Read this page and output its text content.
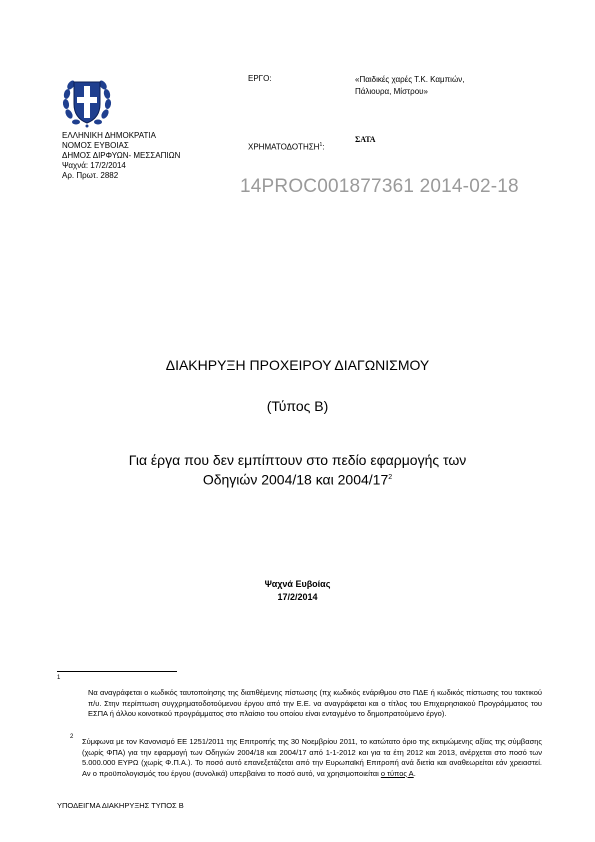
ΕΛΛΗΝΙΚΗ ΔΗΜΟΚΡΑΤΙΑ
ΝΟΜΟΣ ΕΥΒΟΙΑΣ
ΔΗΜΟΣ ΔΙΡΦΥΩΝ- ΜΕΣΣΑΠΙΩΝ
Ψαχνά: 17/2/2014
Αρ. Πρωτ. 2882
ΕΡΓΟ:	«Παιδικές χαρές Τ.Κ. Καμπιών,
Πάλιουρα, Μίστρου»
ΧΡΗΜΑΤΟΔΟΤΗΣΗ$^1$:
ΣΑΤΑ
14PROC001877361 2014-02-18
ΔΙΑΚΗΡΥΞΗ ΠΡΟΧΕΙΡΟΥ ΔΙΑΓΩΝΙΣΜΟΥ
(Τύπος Β)
Για έργα που δεν εμπίπτουν στο πεδίο εφαρμογής των
Οδηγιών 2004/18 και $2004/17^2$
Ψαχνά Ευβοίας
17/2/2014
1
Να αναγράφεται ο κωδικός ταυτοποίησης της διατιθέμενης πίστωσης (πχ κωδικός ενάριθμου στο ΠΔΕ ή κωδικός πίστωσης του τακτικού π/υ. Στην περίπτωση συγχρηματοδοτούμενου έργου από την Ε.Ε. να αναγράφεται και ο τίτλος του Επιχειρησιακού Προγράμματος του ΕΣΠΑ ή άλλου κοινοτικού προγράμματος στο πλαίσιο του οποίου είναι ενταγμένο το δημοπρατούμενο έργο).
2 Σύμφωνα με τον Κανονισμό ΕΕ 1251/2011 της Επιτροπής της 30 Νοεμβρίου 2011, το κατώτατο όριο της εκτιμώμενης αξίας της σύμβασης (χωρίς ΦΠΑ) για την εφαρμογή των Οδηγιών 2004/18 και 2004/17 από 1-1-2012 και για τα έτη 2012 και 2013, ανέρχεται στο ποσό των 5.000.000 ΕΥΡΩ (χωρίς Φ.Π.Α.). Το ποσό αυτό επανεξετάζεται από την Ευρωπαϊκή Επιτροπή ανά διετία και αναθεωρείται εάν χρειαστεί. Αν ο προϋπολογισμός του έργου (συνολικά) υπερβαίνει το ποσό αυτό, να χρησιμοποιείται ο τύπος Α.
ΥΠΟΔΕΙΓΜΑ ΔΙΑΚΗΡΥΞΗΣ ΤΥΠΟΣ Β
